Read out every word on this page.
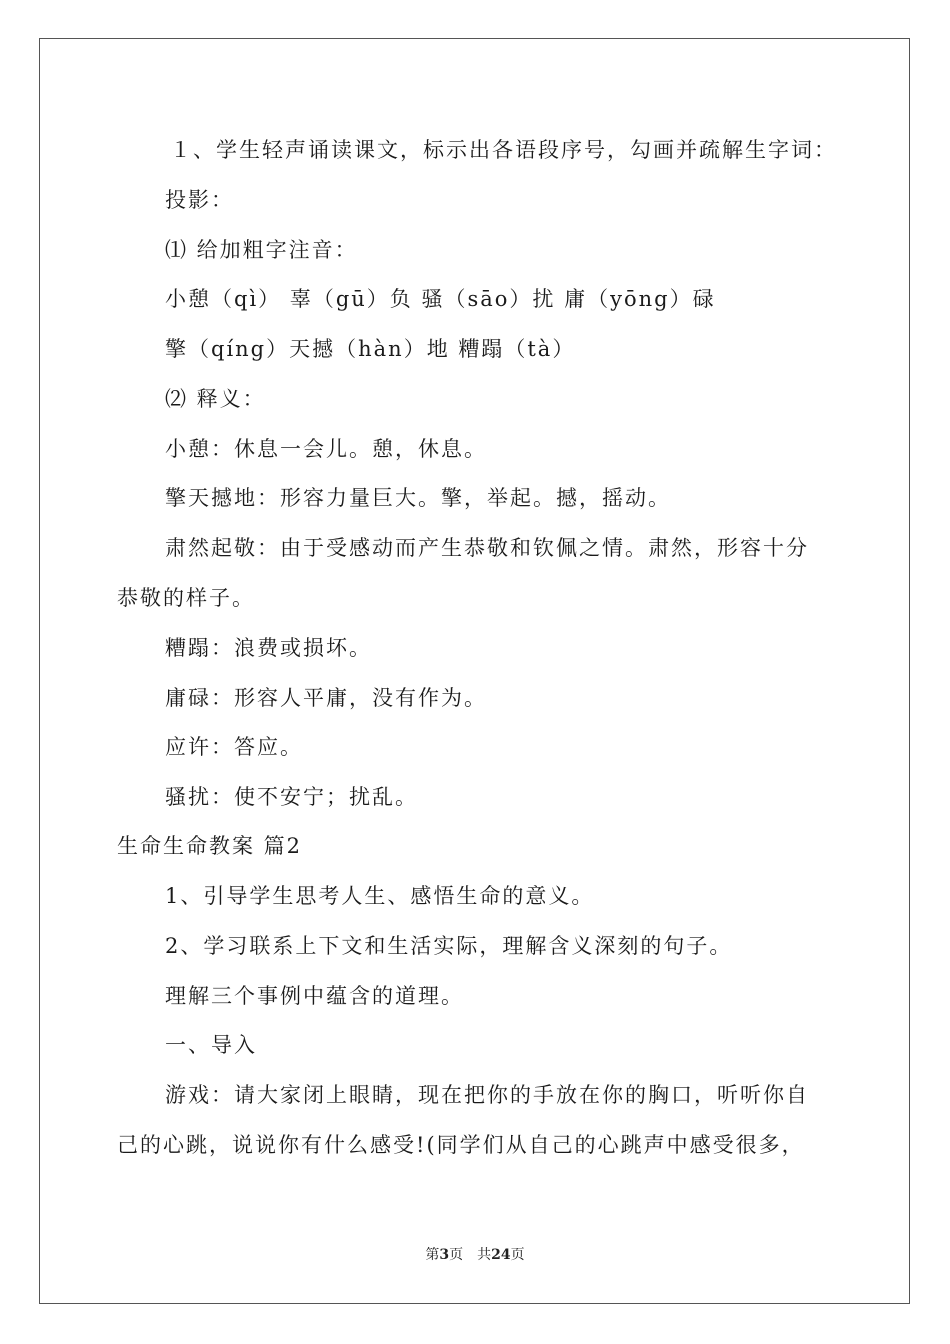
１、学生轻声诵读课文，标示出各语段序号，勾画并疏解生字词：
投影：
⑴ 给加粗字注音：
小憩（qì） 辜（gū）负 骚（sāo）扰 庸（yōng）碌
擎（qíng）天撼（hàn）地 糟蹋（tà）
⑵ 释义：
小憩：休息一会儿。憩，休息。
擎天撼地：形容力量巨大。擎，举起。撼，摇动。
肃然起敬：由于受感动而产生恭敬和钦佩之情。肃然，形容十分
恭敬的样子。
糟蹋：浪费或损坏。
庸碌：形容人平庸，没有作为。
应许：答应。
骚扰：使不安宁；扰乱。
生命生命教案 篇2
1、引导学生思考人生、感悟生命的意义。
2、学习联系上下文和生活实际，理解含义深刻的句子。
理解三个事例中蕴含的道理。
一、导入
游戏：请大家闭上眼睛，现在把你的手放在你的胸口，听听你自
己的心跳，说说你有什么感受!(同学们从自己的心跳声中感受很多，
第3页 共24页
